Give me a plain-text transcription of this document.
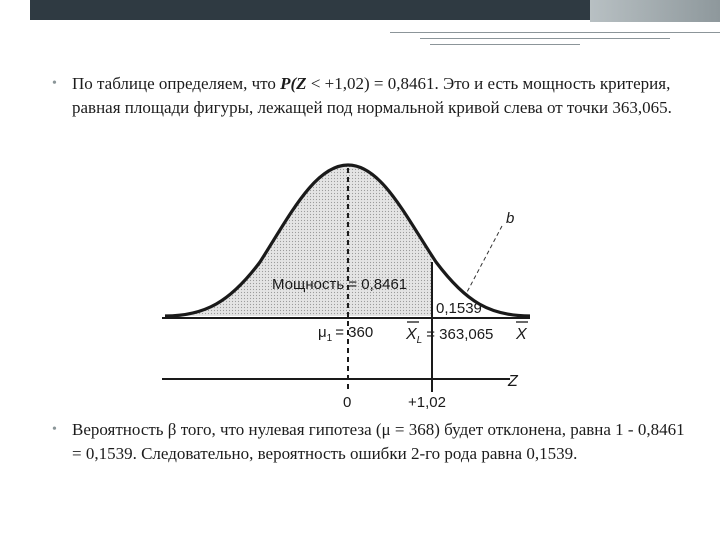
• По таблице определяем, что P(Z < +1,02) = 0,8461. Это и есть мощность критерия, равная площади фигуры, лежащей под нормальной кривой слева от точки 363,065.
Мощность = 0,8461
0,1539
b
$\mu_1 = 360$ $X_L = 363,065$ X
Z
0	+1,02
• Вероятность β того, что нулевая гипотеза (μ = 368) будет отклонена, равна 1 - 0,8461 = 0,1539. Следовательно, вероятность ошибки 2-го рода равна 0,1539.
